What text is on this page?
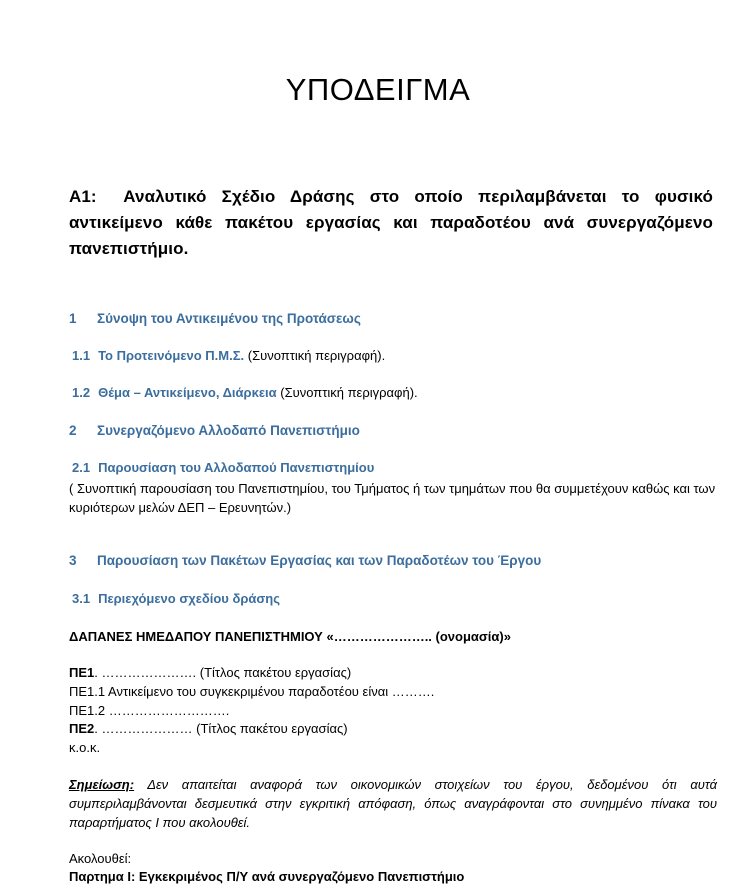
ΥΠΟΔΕΙΓΜΑ
Α1: Αναλυτικό Σχέδιο Δράσης στο οποίο περιλαμβάνεται το φυσικό αντικείμενο κάθε πακέτου εργασίας και παραδοτέου ανά συνεργαζόμενο πανεπιστήμιο.
1 Σύνοψη του Αντικειμένου της Προτάσεως
1.1 Το Προτεινόμενο Π.Μ.Σ. (Συνοπτική περιγραφή).
1.2 Θέμα – Αντικείμενο, Διάρκεια (Συνοπτική περιγραφή).
2 Συνεργαζόμενο Αλλοδαπό Πανεπιστήμιο
2.1 Παρουσίαση του Αλλοδαπού Πανεπιστημίου
( Συνοπτική παρουσίαση του Πανεπιστημίου, του Τμήματος ή των τμημάτων που θα συμμετέχουν καθώς και των κυριότερων μελών ΔΕΠ – Ερευνητών.)
3 Παρουσίαση των Πακέτων Εργασίας και των Παραδοτέων του Έργου
3.1 Περιεχόμενο σχεδίου δράσης
ΔΑΠΑΝΕΣ ΗΜΕΔΑΠΟΥ ΠΑΝΕΠΙΣΤΗΜΙΟΥ «………………….. (ονομασία)»
ΠΕ1. …………………. (Τίτλος πακέτου εργασίας)
ΠΕ1.1 Αντικείμενο του συγκεκριμένου παραδοτέου είναι ……….
ΠΕ1.2 ……………………….
ΠΕ2. ………………… (Τίτλος πακέτου εργασίας)
κ.ο.κ.
Σημείωση: Δεν απαιτείται αναφορά των οικονομικών στοιχείων του έργου, δεδομένου ότι αυτά συμπεριλαμβάνονται δεσμευτικά στην εγκριτική απόφαση, όπως αναγράφονται στο συνημμένο πίνακα του παραρτήματος Ι που ακολουθεί.
Ακολουθεί:
Παρτημα Ι: Εγκεκριμένος Π/Υ ανά συνεργαζόμενο Πανεπιστήμιο
